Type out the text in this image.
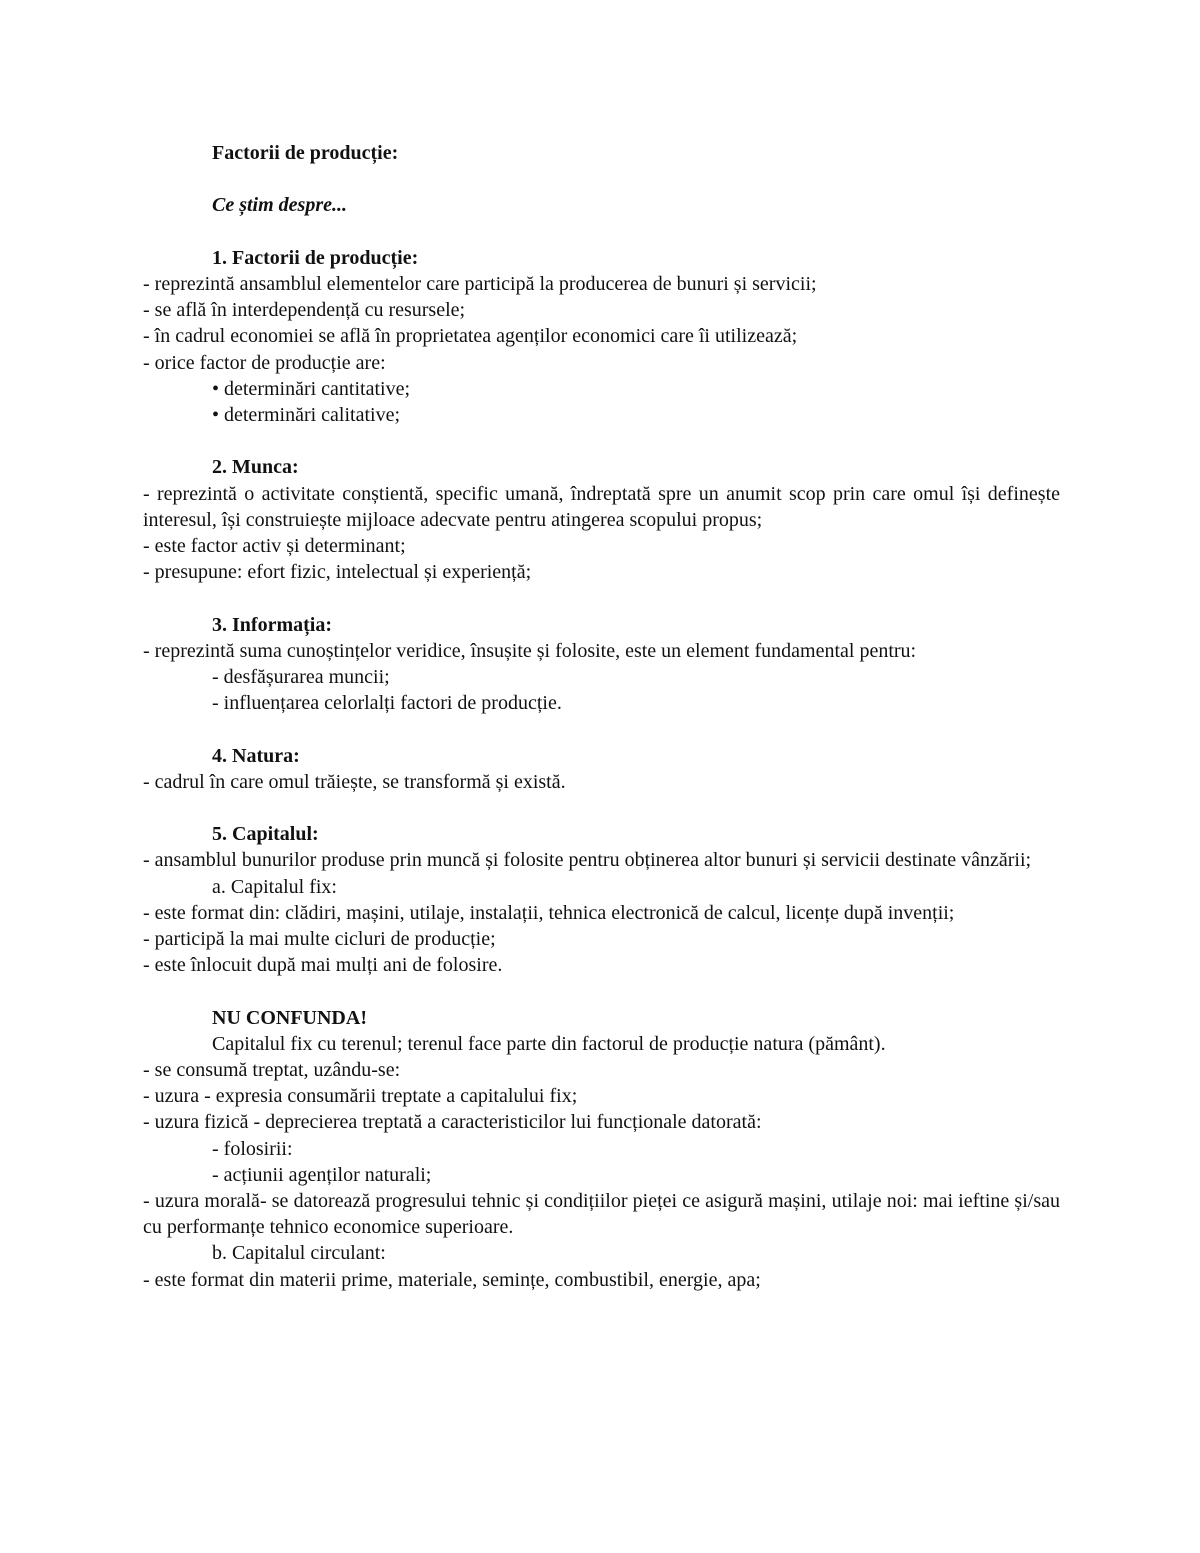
Factorii de producție:
Ce știm despre...
1. Factorii de producție:
- reprezintă ansamblul elementelor care participă la producerea de bunuri și servicii;
- se află în interdependență cu resursele;
- în cadrul economiei se află în proprietatea agenților economici care îi utilizează;
- orice factor de producție are:
• determinări cantitative;
• determinări calitative;
2. Munca:
- reprezintă o activitate conștientă, specific umană, îndreptată spre un anumit scop prin care omul își definește interesul, își construiește mijloace adecvate pentru atingerea scopului propus;
- este factor activ și determinant;
- presupune: efort fizic, intelectual și experiență;
3. Informația:
- reprezintă suma cunoștințelor veridice, însușite și folosite, este un element fundamental pentru:
- desfășurarea muncii;
- influențarea celorlalți factori de producție.
4. Natura:
- cadrul în care omul trăiește, se transformă și există.
5. Capitalul:
- ansamblul bunurilor produse prin muncă și folosite pentru obținerea altor bunuri și servicii destinate vânzării;
a. Capitalul fix:
- este format din: clădiri, mașini, utilaje, instalații, tehnica electronică de calcul, licențe după invenții;
- participă la mai multe cicluri de producție;
- este înlocuit după mai mulți ani de folosire.
NU CONFUNDA!
Capitalul fix cu terenul; terenul face parte din factorul de producție natura (pământ).
- se consumă treptat, uzându-se:
- uzura - expresia consumării treptate a capitalului fix;
- uzura fizică - deprecierea treptată a caracteristicilor lui funcționale datorată:
- folosirii:
- acțiunii agenților naturali;
- uzura morală- se datorează progresului tehnic și condițiilor pieței ce asigură mașini, utilaje noi: mai ieftine și/sau cu performanțe tehnico economice superioare.
b. Capitalul circulant:
- este format din materii prime, materiale, semințe, combustibil, energie, apa;
